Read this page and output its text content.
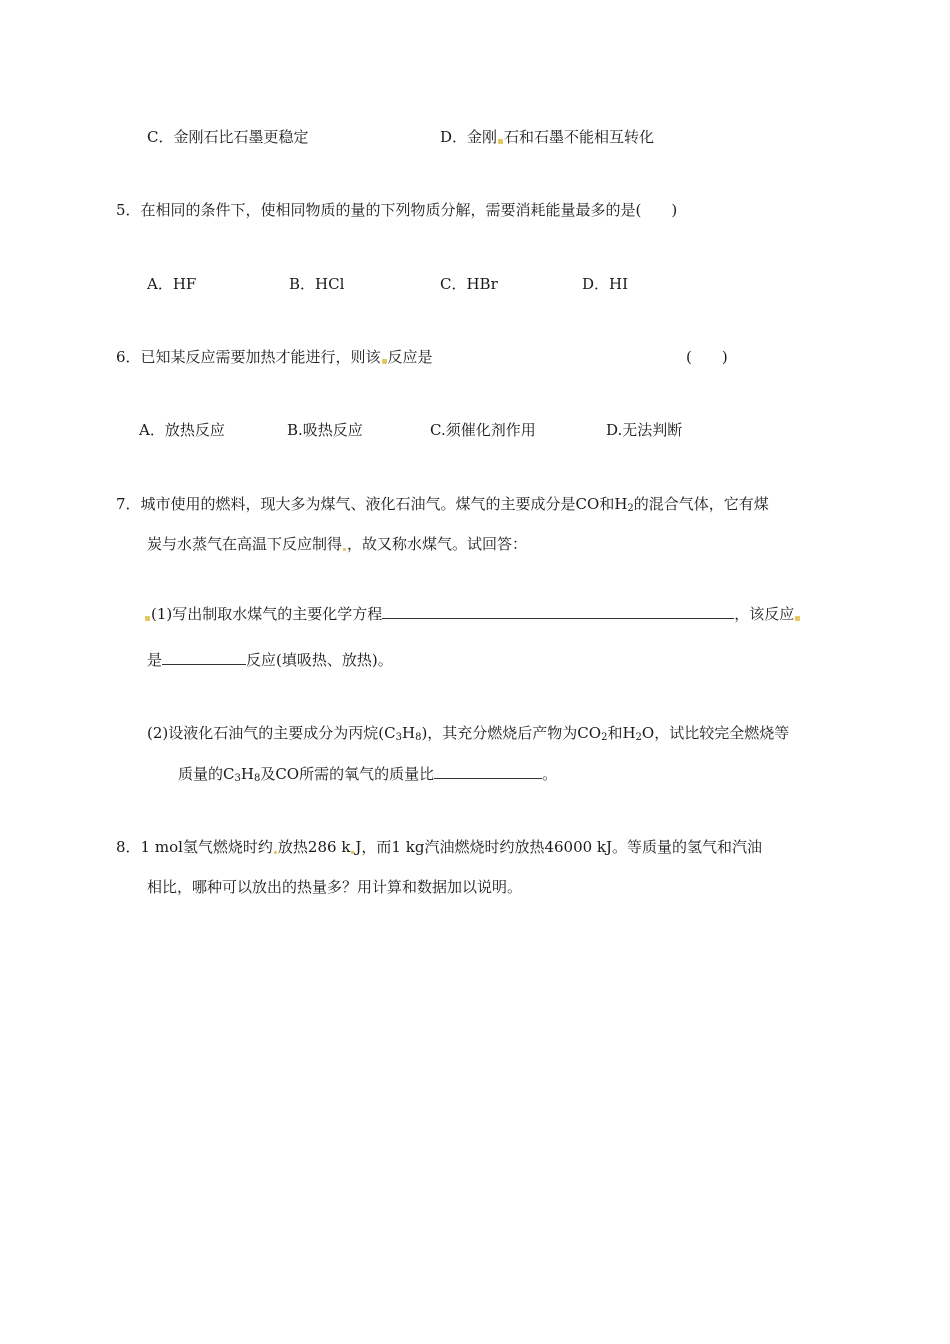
C．金刚石比石墨更稳定	D．金刚 石和石墨不能相互转化
5．在相同的条件下，使相同物质的量的下列物质分解，需要消耗能量最多的是(　　)
A．HF	B．HCl	C．HBr	D．HI
6．已知某反应需要加热才能进行，则该 反应是	(　　)
A．放热反应	B.吸热反应	C.须催化剂作用	D.无法判断
7．城市使用的燃料，现大多为煤气、液化石油气。煤气的主要成分是CO和$H_2$的混合气体，它有煤
炭与水蒸气在高温下反应制得 ，故又称水煤气。试回答：
(1)写出制取水煤气的主要化学方程	，该反应
是	反应(填吸热、放热)。
(2)设液化石油气的主要成分为丙烷$(C_3H_8)$，其充分燃烧后产物为$CO_2$和$H_2O$，试比较完全燃烧等
质量的$C_3H_8$及CO所需的氧气的质量比	。
8．1 mol氢气燃烧时约 放热286 k J，而1 kg汽油燃烧时约放热46000 kJ。等质量的氢气和汽油
相比，哪种可以放出的热量多？用计算和数据加以说明。
